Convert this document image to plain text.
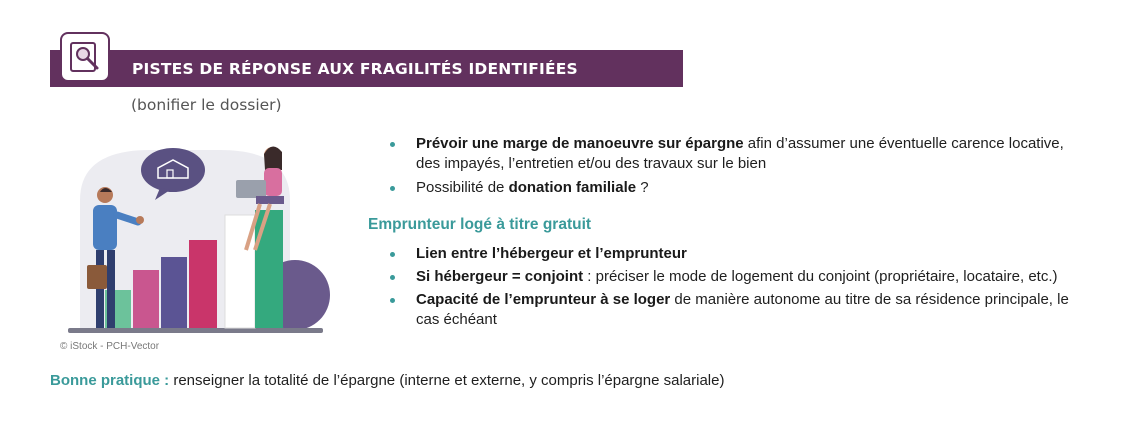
PISTES DE RÉPONSE AUX FRAGILITÉS IDENTIFIÉES
(bonifier le dossier)
© iStock - PCH-Vector
Prévoir une marge de manoeuvre sur épargne afin d’assumer une éventuelle carence locative, des impayés, l’entretien et/ou des travaux sur le bien
Possibilité de donation familiale ?
Emprunteur logé à titre gratuit
Lien entre l’hébergeur et l’emprunteur
Si hébergeur = conjoint : préciser le mode de logement du conjoint (propriétaire, locataire, etc.)
Capacité de l’emprunteur à se loger de manière autonome au titre de sa résidence principale, le cas échéant
Bonne pratique : renseigner la totalité de l’épargne (interne et externe, y compris l’épargne salariale)
